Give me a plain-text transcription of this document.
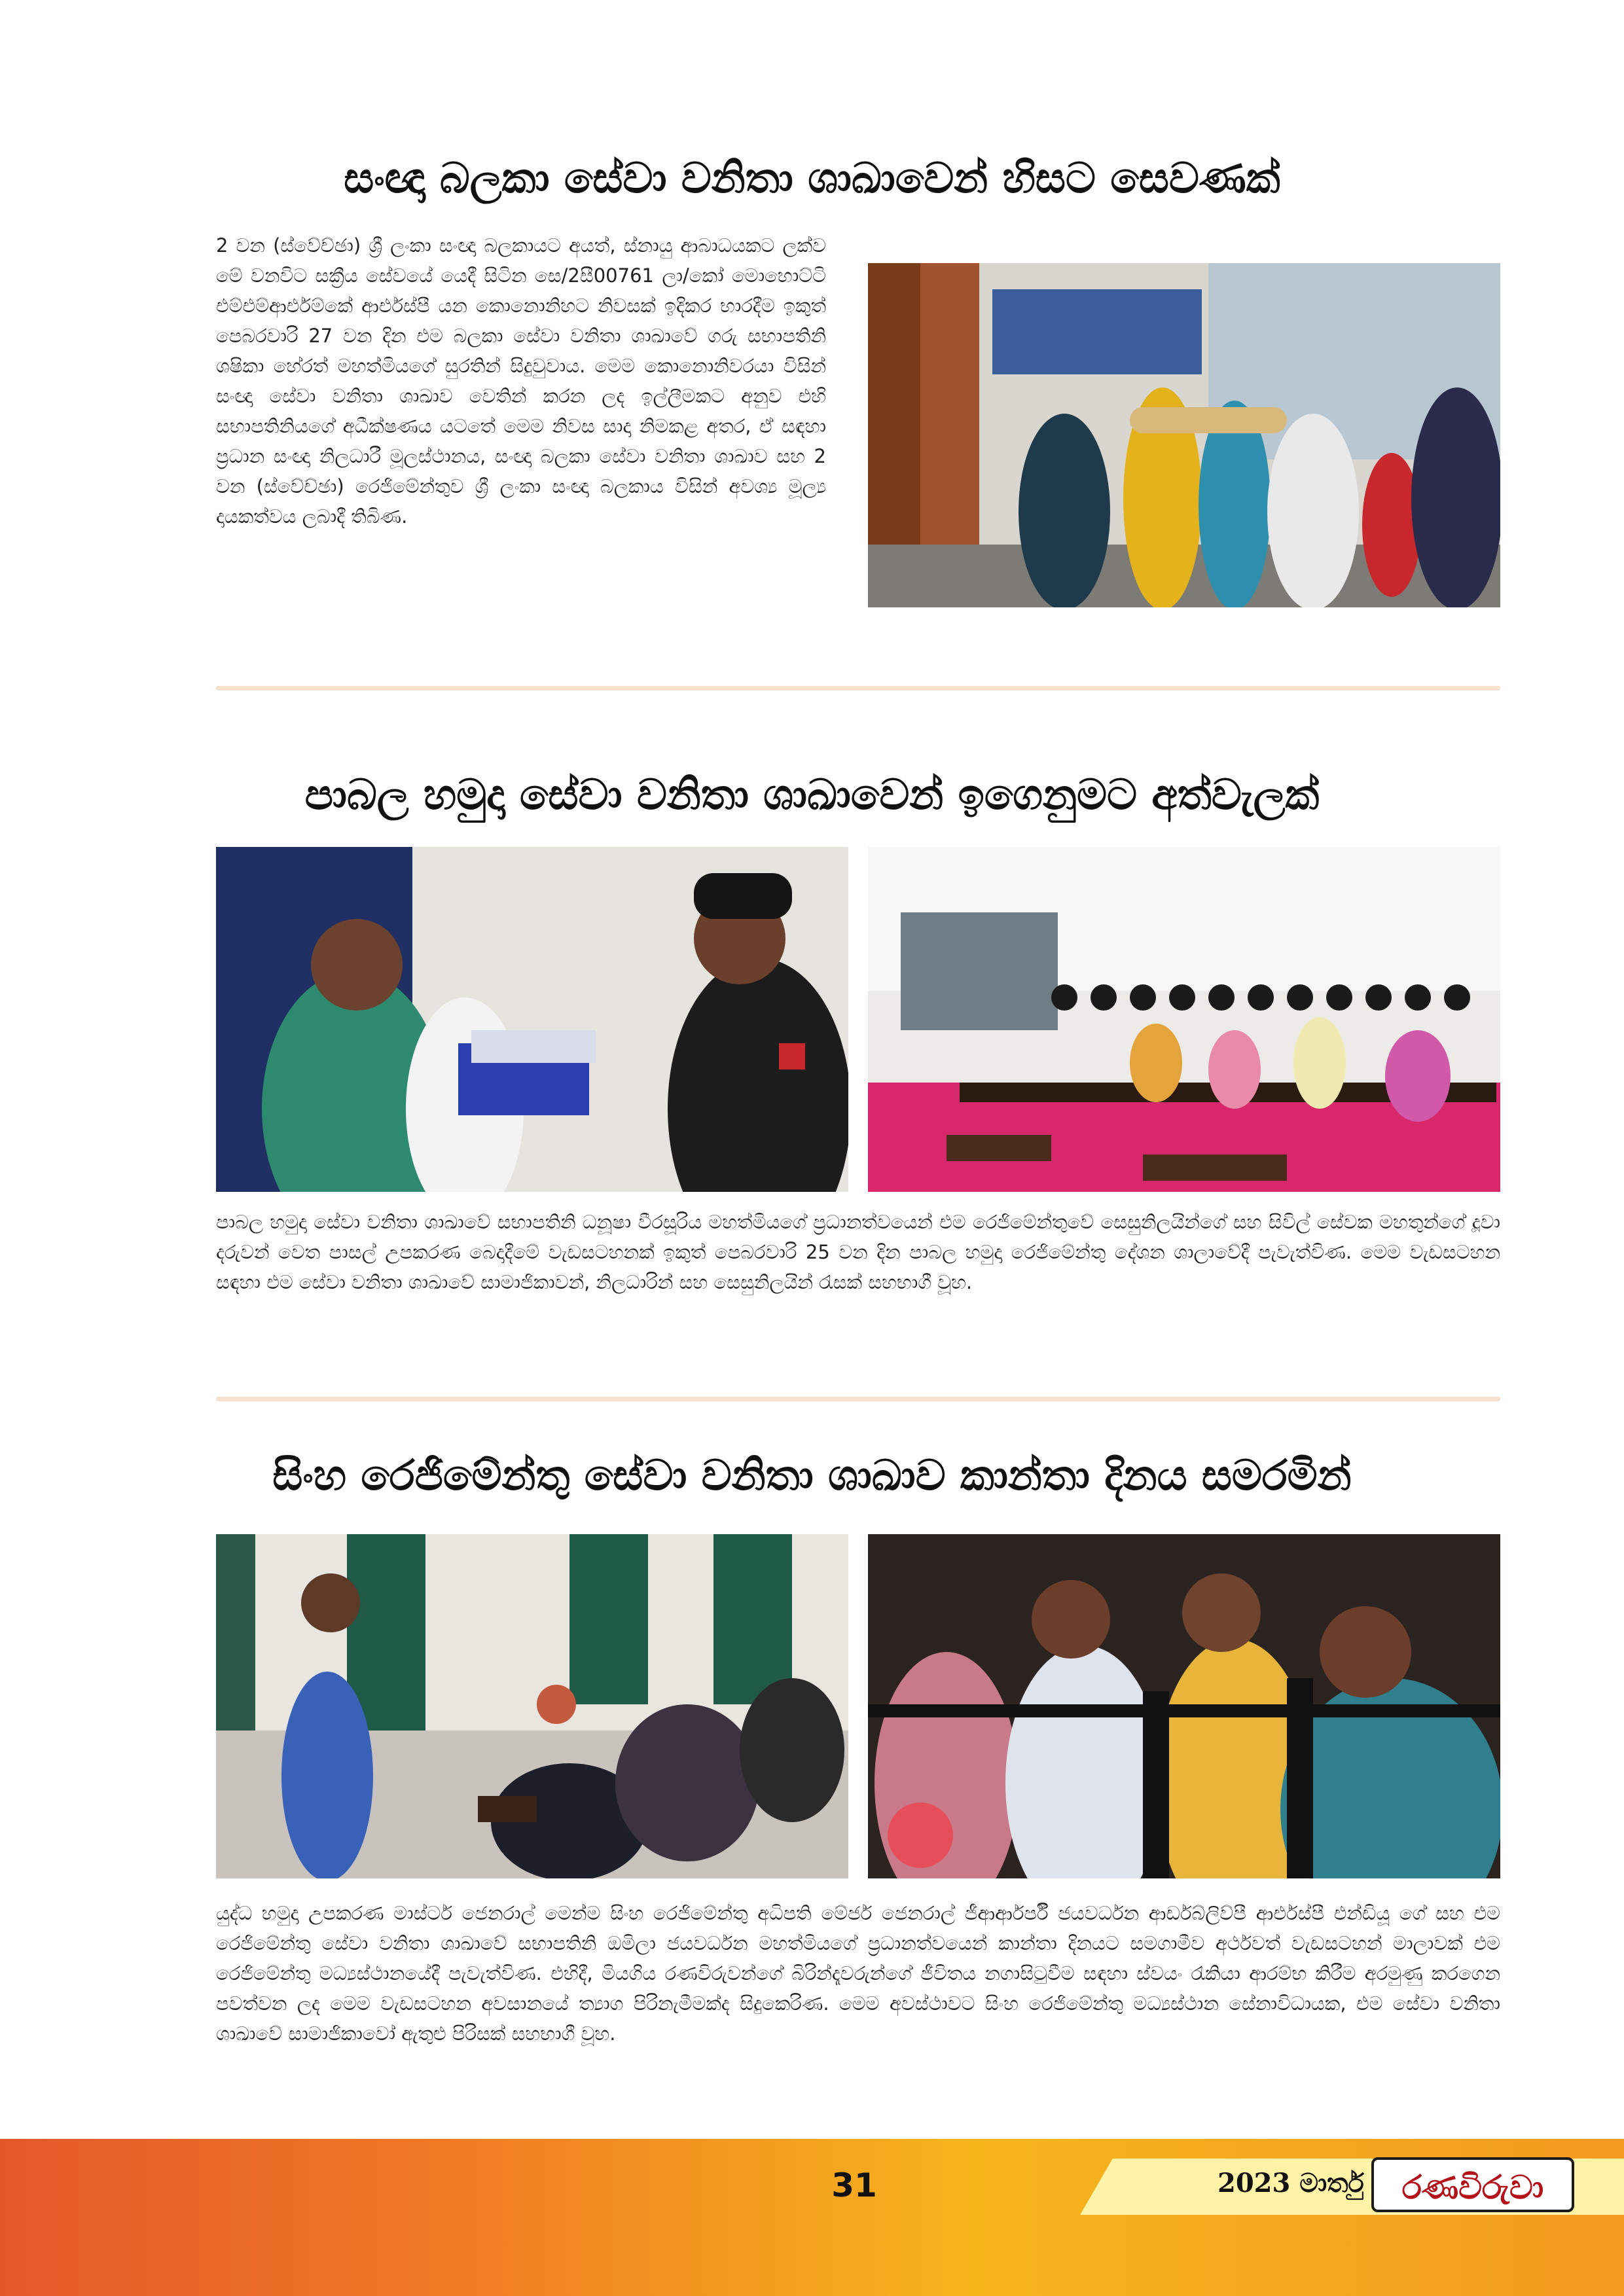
සංඥා බලකා සේවා වනිතා ශාඛාවෙන් හිසට සෙවණක්

2 වන (ස්වේච්ඡා) ශ්‍රී ලංකා සංඥා බලකායට අයත්, ස්නායු ආබාධයකට ලක්ව මේ වනවිට සක්‍රීය සේවයේ යෙදී සිටින සෙ/2සී00761 ලා/කෝ මොහොට්ටි එම්එම්ආර්එම්කේ ආර්එස්පී යන කොනොනිහට නිවසක් ඉදිකර භාරදීම ඉකුත් පෙබරවාරි 27 වන දින එම බලකා සේවා වනිතා ශාඛාවේ ගරු සභාපතිනි ශෂිකා හේරත් මහත්මියගේ සුරතින් සිදුවුවාය. මෙම කොනොනිවරයා විසින් සංඥා සේවා වනිතා ශාඛාව වෙතින් කරන ලද ඉල්ලීමකට අනුව එහි සභාපතිනියගේ අධීක්ෂණය යටතේ මෙම නිවස සාදා නිමකළ අතර, ඒ සඳහා ප්‍රධාන සංඥා නිලධාරී මූලස්ථානය, සංඥා බලකා සේවා වනිතා ශාඛාව සහ 2 වන (ස්වේච්ඡා) රෙජිමේන්තුව ශ්‍රී ලංකා සංඥා බලකාය විසින් අවශ්‍ය මූල්‍ය දායකත්වය ලබාදී තිබිණ.

පාබල හමුදා සේවා වනිතා ශාඛාවෙන් ඉගෙනුමට අත්වැලක්

පාබල හමුදා සේවා වනිතා ශාඛාවේ සභාපතිනි ධනූෂා වීරසූරිය මහත්මියගේ ප්‍රධානත්වයෙන් එම රෙජිමේන්තුවේ සෙසුනිලයින්ගේ සහ සිවිල් සේවක මහතුන්ගේ දූවා දරුවන් වෙත පාසල් උපකරණ බෙදාදීමේ වැඩසටහනක් ඉකුත් පෙබරවාරි 25 වන දින පාබල හමුදා රෙජිමේන්තු දේශන ශාලාවේදී පැවැත්විණ. මෙම වැඩසටහන සඳහා එම සේවා වනිතා ශාඛාවේ සාමාජිකාවන්, නිලධාරින් සහ සෙසුනිලයින් රැසක් සහභාගී වූහ.

සිංහ රෙජිමේන්තු සේවා වනිතා ශාඛාව කාන්තා දිනය සමරමින්

යුද්ධ හමුදා උපකරණ මාස්ටර් ජෙනරාල් මෙන්ම සිංහ රෙජිමේන්තු අධිපති මේජර් ජෙනරාල් ජීආර්ආර්පී ජයවර්ධන ආර්ඩබ්ලිව්පී ආර්එස්පී එන්ඩියූ ගේ සහ එම රෙජිමේන්තු සේවා වනිතා ශාඛාවේ සභාපතිනි ඔමිලා ජයවර්ධන මහත්මියගේ ප්‍රධානත්වයෙන් කාන්තා දිනයට සමගාමීව අර්ථවත් වැඩසටහන් මාලාවක් එම රෙජිමේන්තු මධ්‍යස්ථානයේදී පැවැත්විණ. එහිදී, මියගිය රණවිරුවන්ගේ බිරින්දෑවරුන්ගේ ජීවිතය නගාසිටුවීම සඳහා ස්වයං රැකියා ආරම්භ කිරීම අරමුණු කරගෙන පවත්වන ලද මෙම වැඩසටහන අවසානයේ ත්‍යාග පිරිනැමීමක්ද සිදුකෙරිණ. මෙම අවස්ථාවට සිංහ රෙජිමේන්තු මධ්‍යස්ථාන සේනාවිධායක, එම සේවා වනිතා ශාඛාවේ සාමාජිකාවෝ ඇතුළු පිරිසක් සහභාගී වූහ.

31	2023 මාර්තු	රණවිරුවා
